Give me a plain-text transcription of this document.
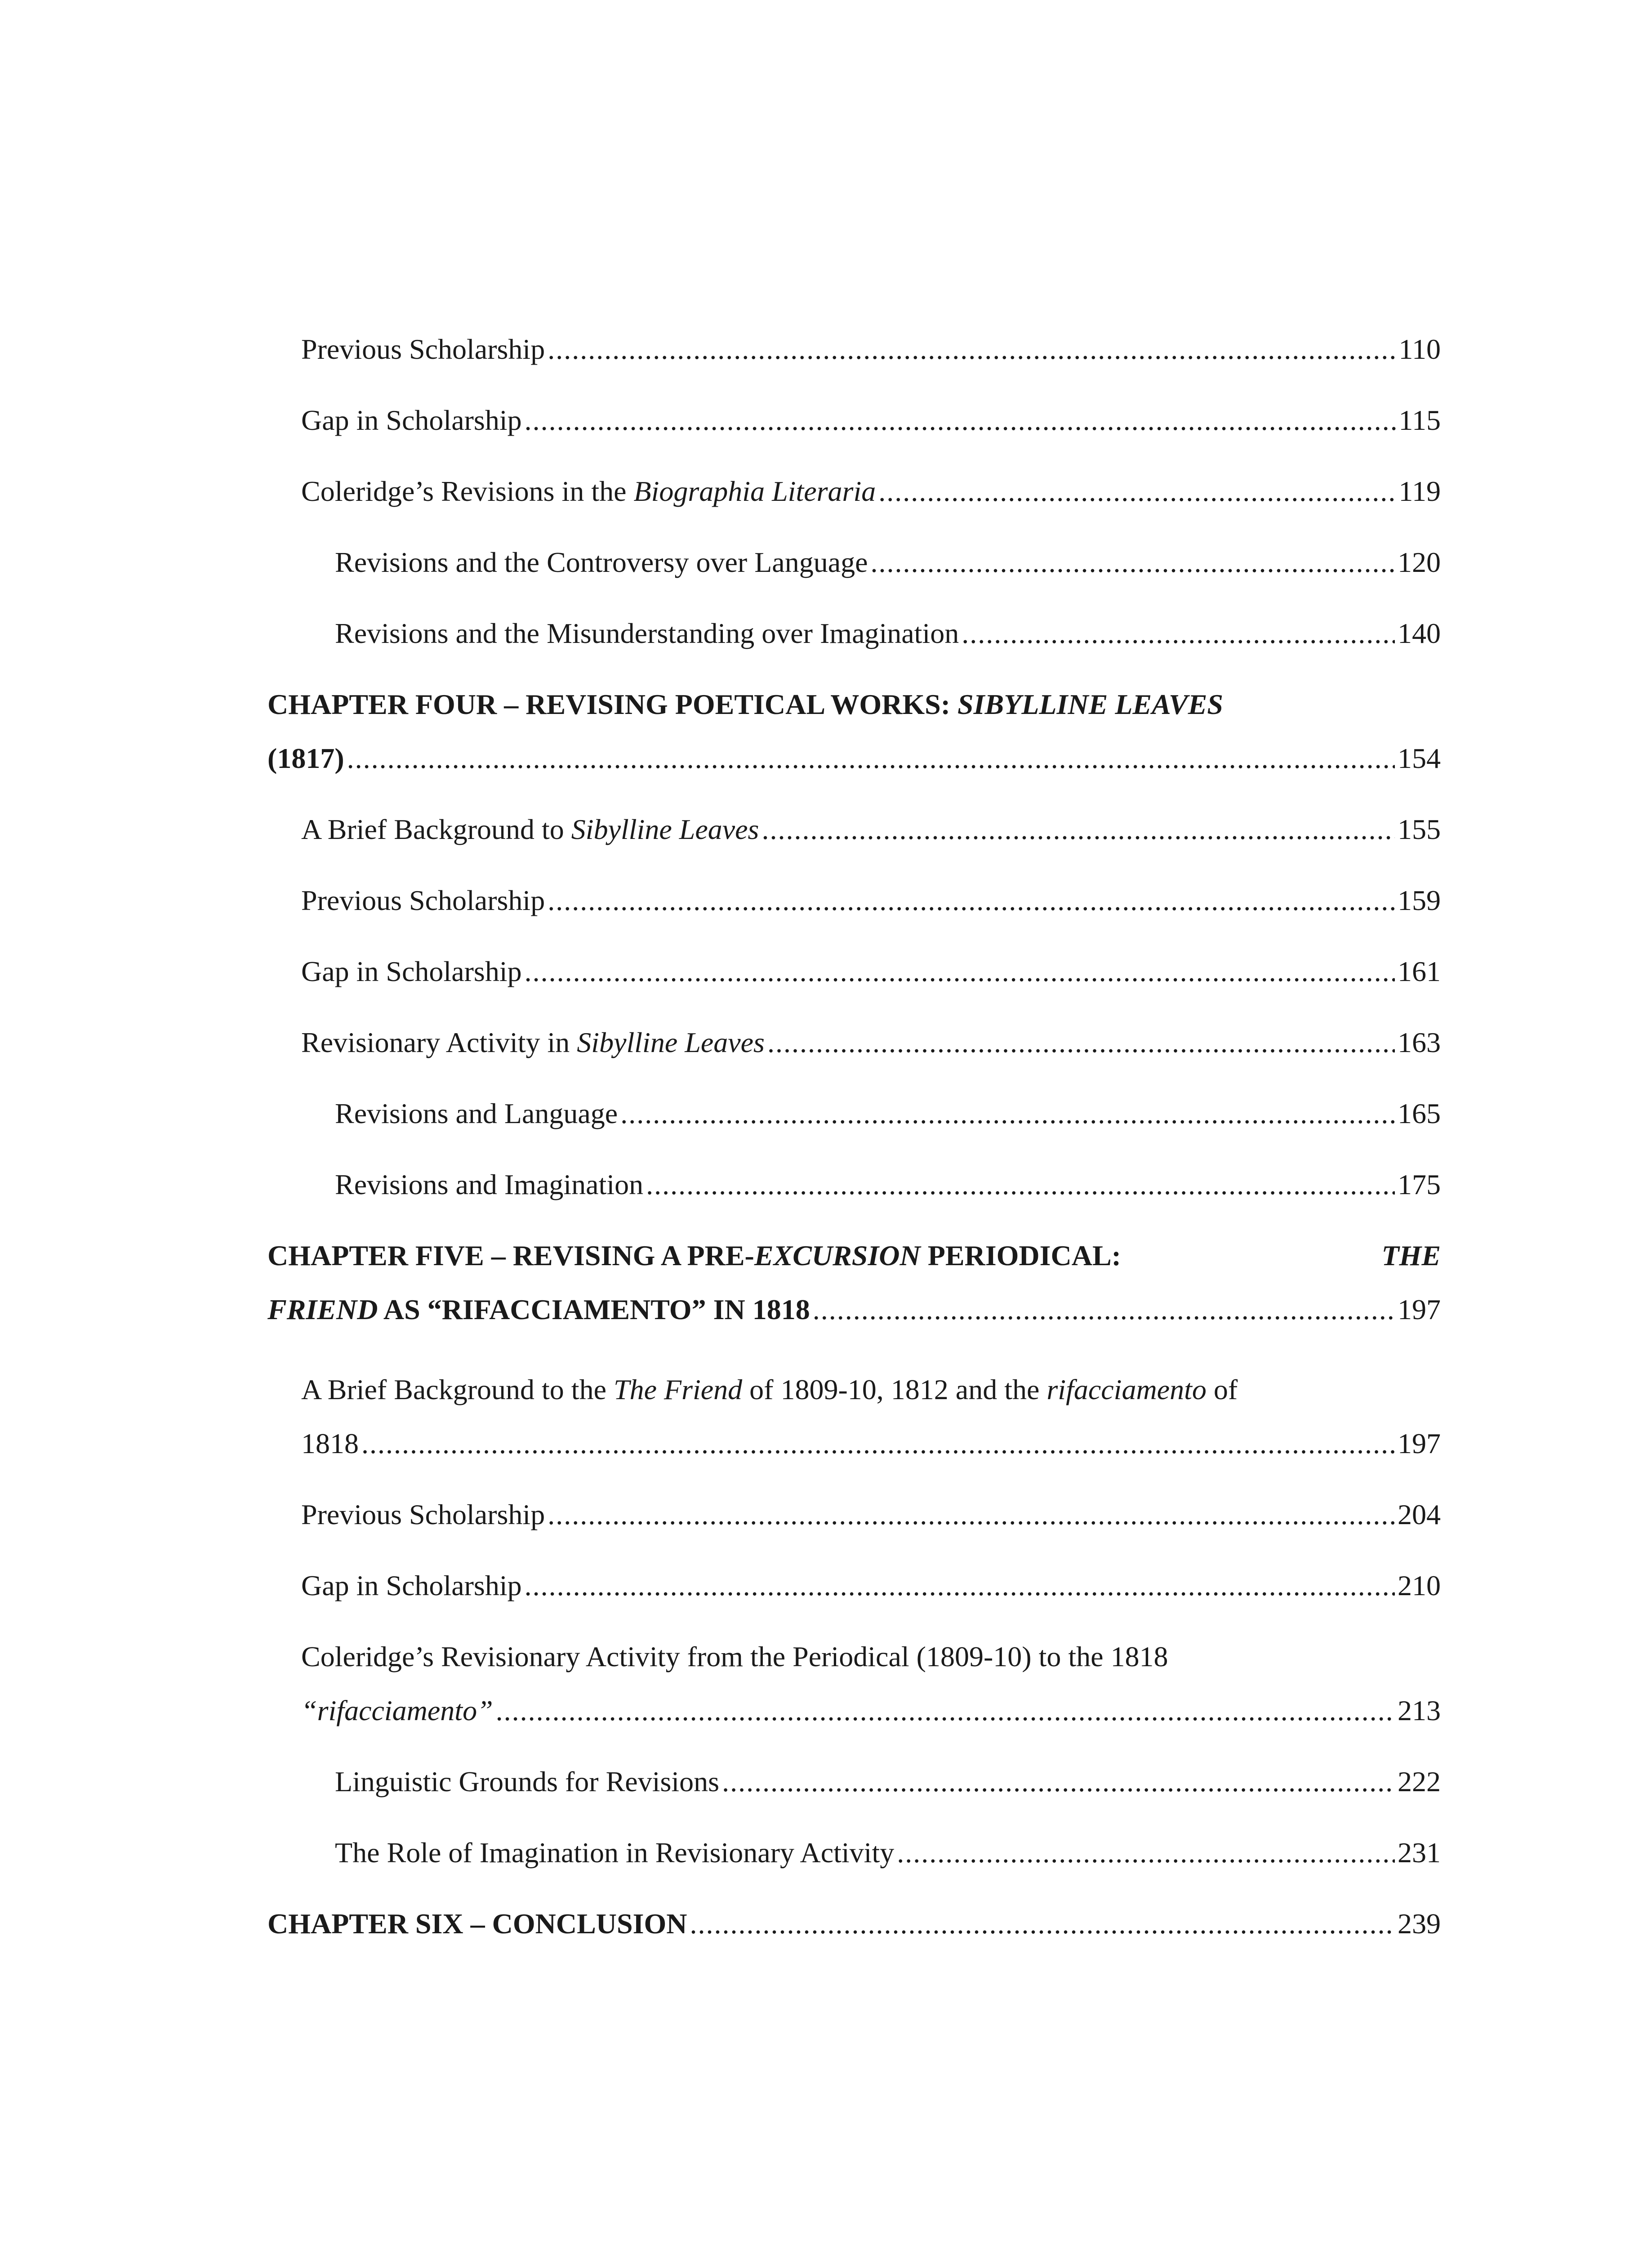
Previous Scholarship .....	110
Gap in Scholarship .....	115
Coleridge’s Revisions in the Biographia Literaria .....	119
Revisions and the Controversy over Language .....	120
Revisions and the Misunderstanding over Imagination .....	140
CHAPTER FOUR – REVISING POETICAL WORKS: SIBYLLINE LEAVES
(1817) .....	154
A Brief Background to Sibylline Leaves .....	155
Previous Scholarship .....	159
Gap in Scholarship .....	161
Revisionary Activity in Sibylline Leaves .....	163
Revisions and Language .....	165
Revisions and Imagination .....	175
CHAPTER FIVE – REVISING A PRE-EXCURSION PERIODICAL:	THE
FRIEND AS “RIFACCIAMENTO” IN 1818 .....	197
A Brief Background to the The Friend of 1809-10, 1812 and the rifacciamento of
1818 .....	197
Previous Scholarship .....	204
Gap in Scholarship .....	210
Coleridge’s Revisionary Activity from the Periodical (1809-10) to the 1818
“rifacciamento” .....	213
Linguistic Grounds for Revisions .....	222
The Role of Imagination in Revisionary Activity .....	231
CHAPTER SIX – CONCLUSION .....	239
